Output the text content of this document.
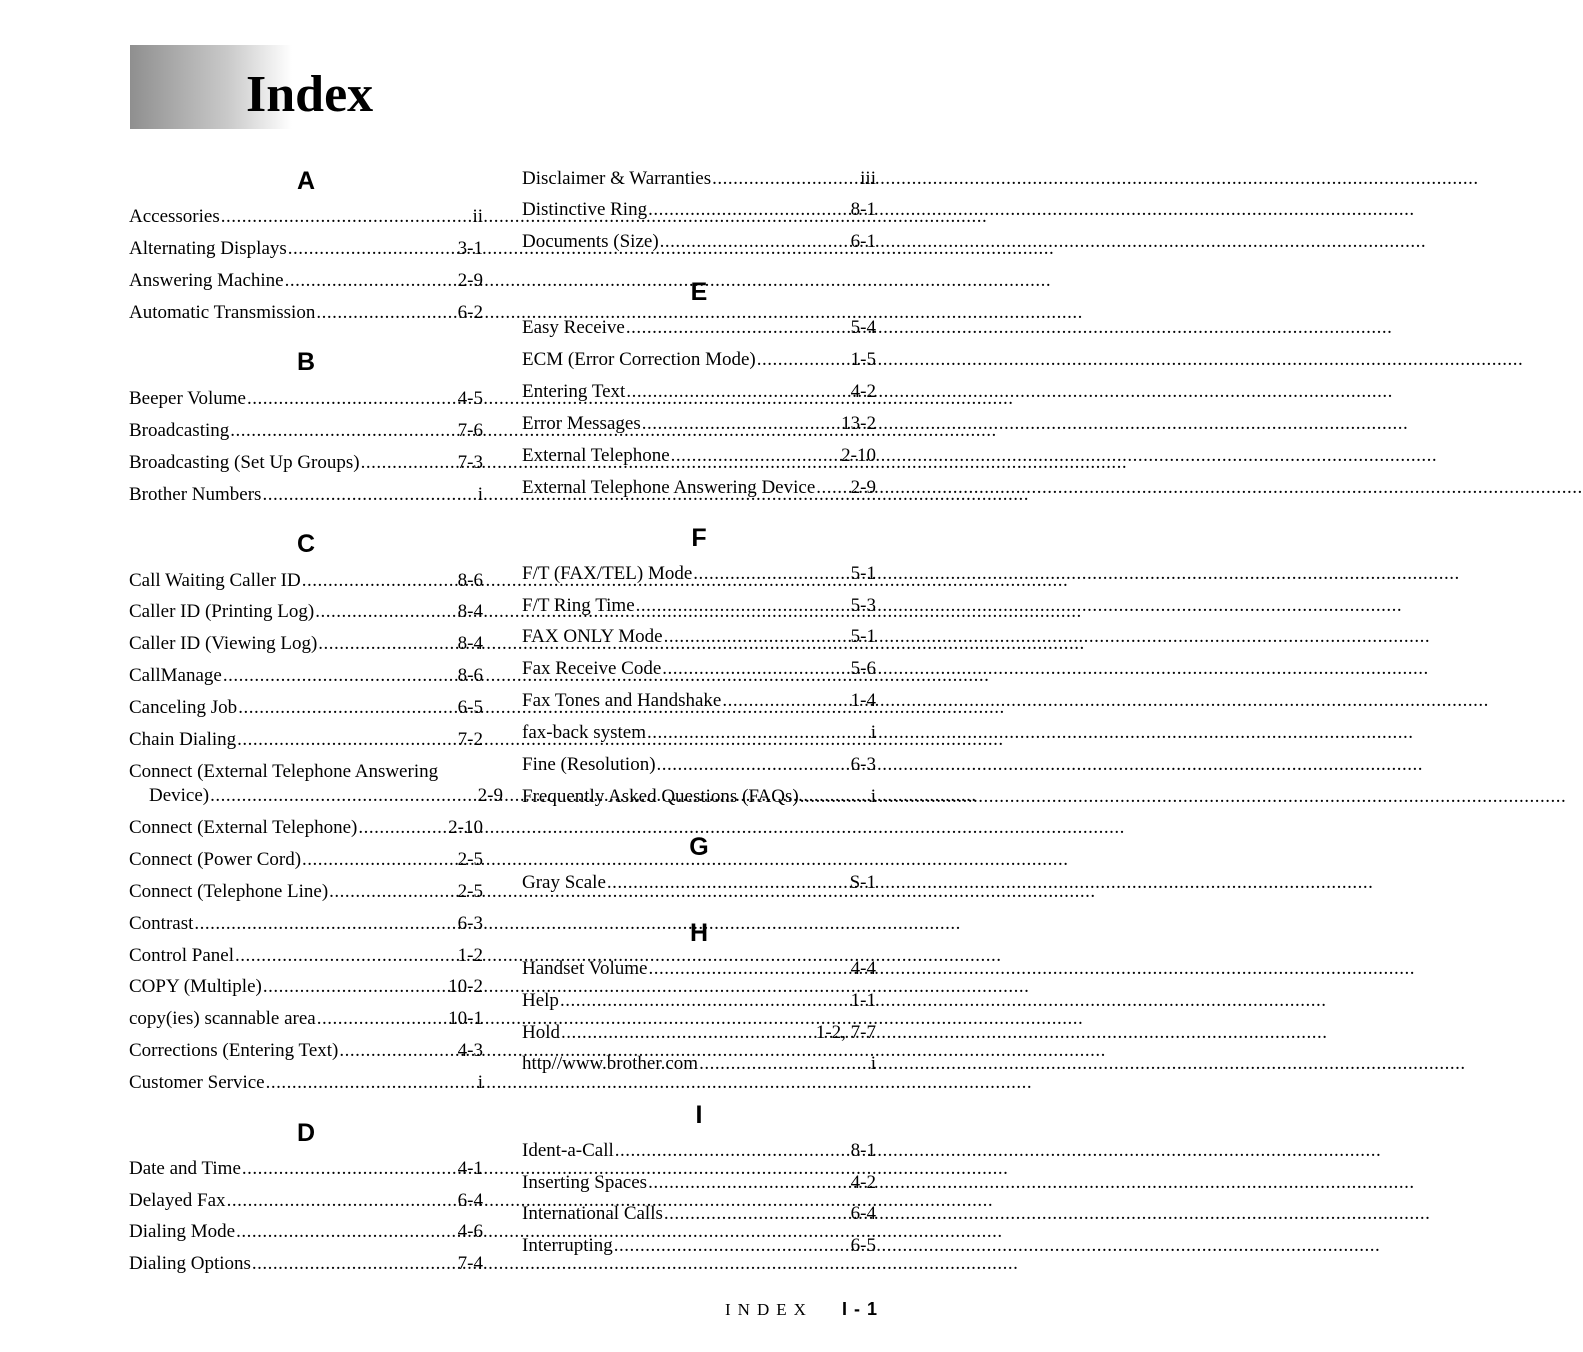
Index
A
Accessories .....	ii
Alternating Displays .....	3-1
Answering Machine .....	2-9
Automatic Transmission .....	6-2
B
Beeper Volume .....	4-5
Broadcasting .....	7-6
Broadcasting (Set Up Groups) .....	7-3
Brother Numbers .....	i
C
Call Waiting Caller ID .....	8-6
Caller ID (Printing Log) .....	8-4
Caller ID (Viewing Log) .....	8-4
CallManage .....	8-6
Canceling Job .....	6-5
Chain Dialing .....	7-2
Connect (External Telephone Answering
Device) .....	2-9
Connect (External Telephone) .....	2-10
Connect (Power Cord) .....	2-5
Connect (Telephone Line) .....	2-5
Contrast .....	6-3
Control Panel .....	1-2
COPY (Multiple) .....	10-2
copy(ies) scannable area .....	10-1
Corrections (Entering Text) .....	4-3
Customer Service .....	i
D
Date and Time .....	4-1
Delayed Fax .....	6-4
Dialing Mode .....	4-6
Dialing Options .....	7-4
Disclaimer & Warranties .....	iii
Distinctive Ring .....	8-1
Documents (Size) .....	6-1
E
Easy Receive .....	5-4
ECM (Error Correction Mode) .....	1-5
Entering Text .....	4-2
Error Messages .....	13-2
External Telephone .....	2-10
External Telephone Answering Device ..... 2-9
F
F/T (FAX/TEL) Mode .....	5-1
F/T Ring Time .....	5-3
FAX ONLY Mode .....	5-1
Fax Receive Code .....	5-6
Fax Tones and Handshake .....	1-4
fax-back system .....	i
Fine (Resolution) .....	6-3
Frequently Asked Questions (FAQs) .....	i
G
Gray Scale .....	S-1
H
Handset Volume .....	4-4
Help .....	1-1
Hold .....	1-2, 7-7
http//www.brother.com .....	i
I
Ident-a-Call .....	8-1
Inserting Spaces .....	4-2
International Calls .....	6-4
Interrupting .....	6-5
INDEX I - 1
